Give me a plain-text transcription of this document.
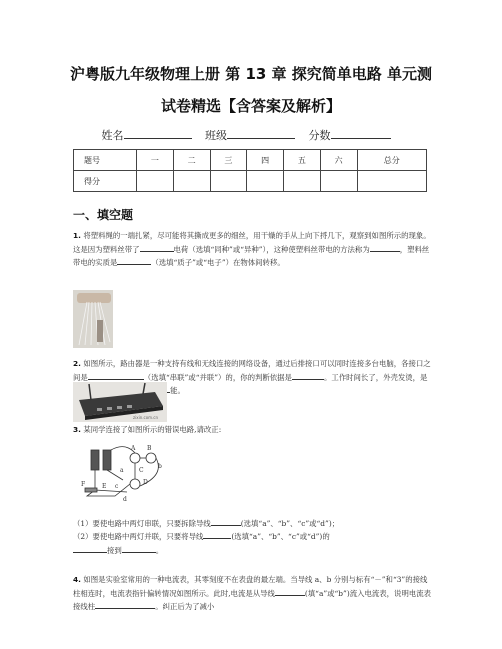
沪粤版九年级物理上册 第 13 章 探究简单电路 单元测
试卷精选【含答案及解析】
姓名	班级	分数
题号	一	二	三	四	五	六	总分
得分							
一、填空题
1. 将塑料绳的一端扎紧，尽可能将其撕成更多的细丝，用干燥的手从上向下捋几下，观察到如图所示的现象。这是因为塑料丝带了	电荷（选填“同种”或“异种”），这种使塑料丝带电的方法称为	，塑料丝带电的实质是	（选填“质子”或“电子”）在物体间转移。
2. 如图所示，路由器是一种支持有线和无线连接的网络设备，通过后排接口可以同时连接多台电脑，各接口之间是	（选填“串联”或“并联”）的，你的判断依据是	。工作时间长了，外壳发烫，是 能。
zixin.com.cn
3. 某同学连接了如图所示的错误电路,请改正:
A B
b
C
a
D
c
E
F
d
（1）要使电路中两灯串联，只要拆除导线	(选填“a”、“b”、“c”或“d”)；
（2）要使电路中两灯并联，只要将导线	(选填“a”、“b”、“c”或“d”)的
接到	。
4. 如图是实验室常用的一种电流表，其零刻度不在表盘的最左端。当导线 a、b 分别与标有“－”和“3”的接线柱相连时，电流表指针偏转情况如图所示。此时,电流是从导线	(填“a”或“b”)流入电流表，说明电流表接线柱	。纠正后为了减小
